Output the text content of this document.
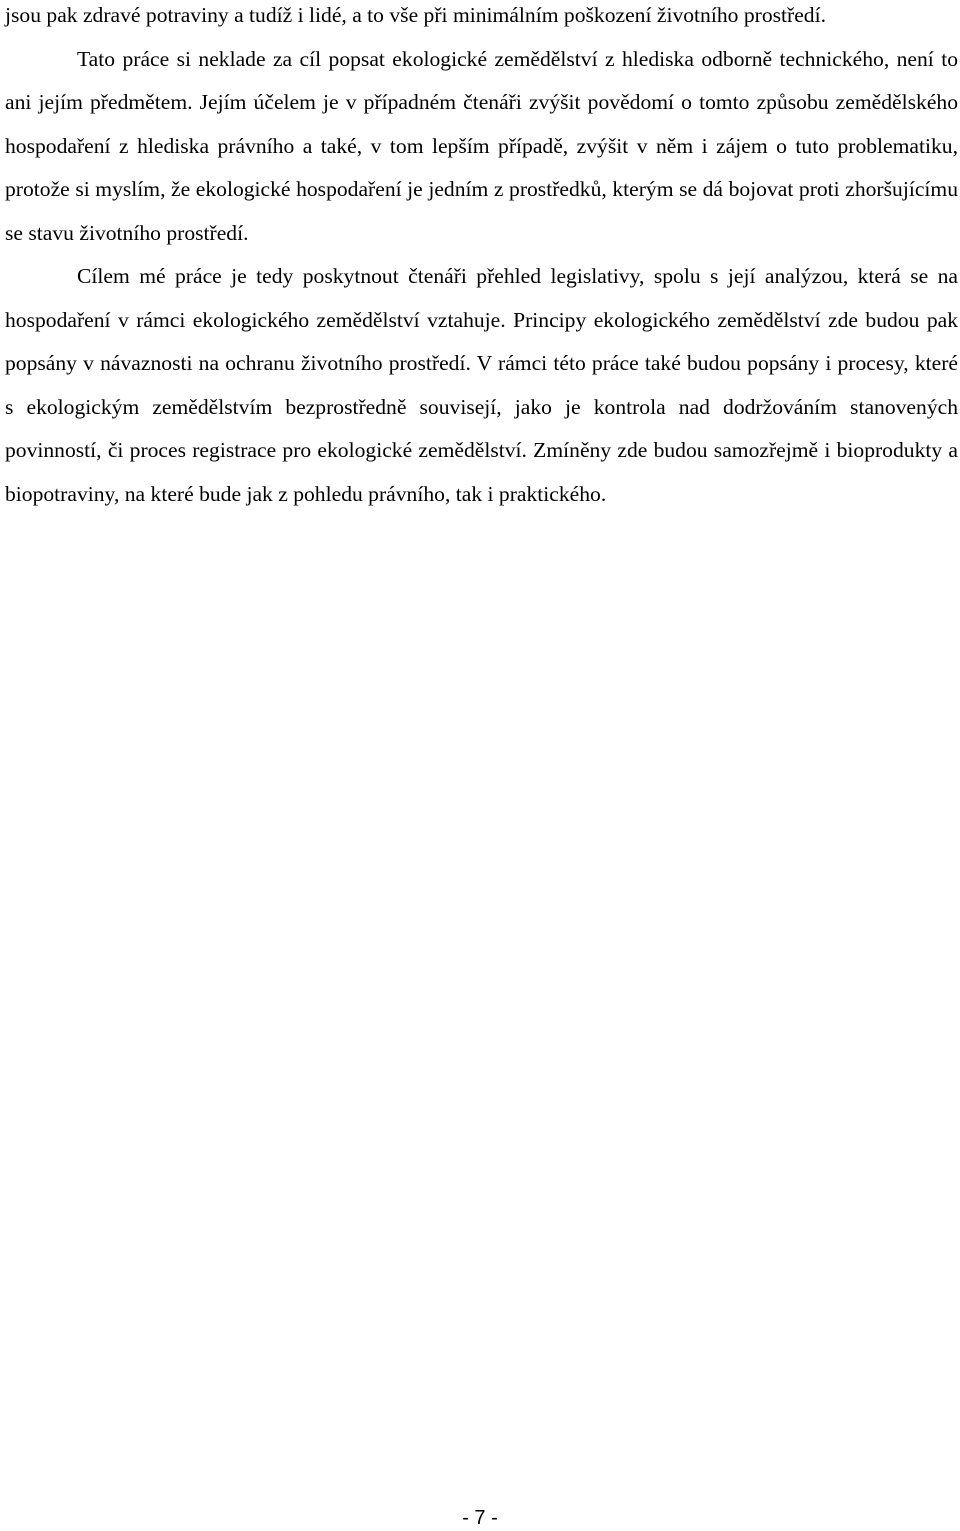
jsou pak zdravé potraviny a tudíž i lidé, a to vše při minimálním poškození životního prostředí.

Tato práce si neklade za cíl popsat ekologické zemědělství z hlediska odborně technického, není to ani jejím předmětem. Jejím účelem je v případném čtenáři zvýšit povědomí o tomto způsobu zemědělského hospodaření z hlediska právního a také, v tom lepším případě, zvýšit v něm i zájem o tuto problematiku, protože si myslím, že ekologické hospodaření je jedním z prostředků, kterým se dá bojovat proti zhoršujícímu se stavu životního prostředí.

Cílem mé práce je tedy poskytnout čtenáři přehled legislativy, spolu s její analýzou, která se na hospodaření v rámci ekologického zemědělství vztahuje. Principy ekologického zemědělství zde budou pak popsány v návaznosti na ochranu životního prostředí. V rámci této práce také budou popsány i procesy, které s ekologickým zemědělstvím bezprostředně souvisejí, jako je kontrola nad dodržováním stanovených povinností, či proces registrace pro ekologické zemědělství. Zmíněny zde budou samozřejmě i bioprodukty a biopotraviny, na které bude jak z pohledu právního, tak i praktického.

- 7 -
